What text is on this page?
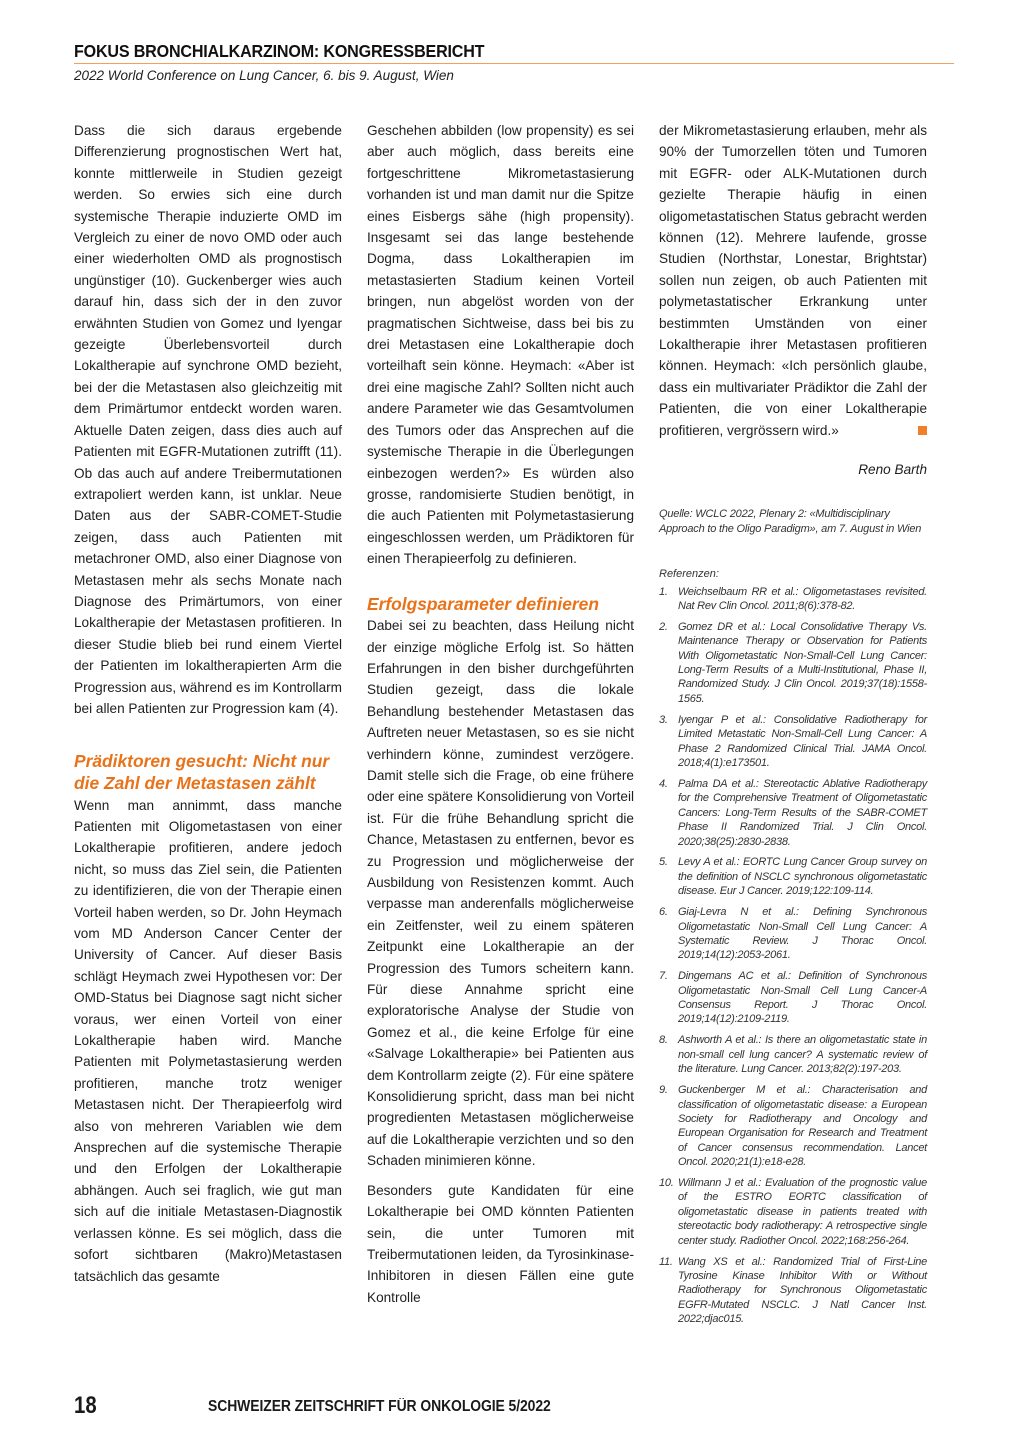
FOKUS BRONCHIALKARZINOM: KONGRESSBERICHT
2022 World Conference on Lung Cancer, 6. bis 9. August, Wien

Dass die sich daraus ergebende Differenzierung prognostischen Wert hat, konnte mittlerweile in Studien gezeigt werden. So erwies sich eine durch systemische Therapie induzierte OMD im Vergleich zu einer de novo OMD oder auch einer wiederholten OMD als prognostisch ungünstiger (10). Guckenberger wies auch darauf hin, dass sich der in den zuvor erwähnten Studien von Gomez und Iyengar gezeigte Überlebensvorteil durch Lokaltherapie auf synchrone OMD bezieht, bei der die Metastasen also gleichzeitig mit dem Primärtumor entdeckt worden waren. Aktuelle Daten zeigen, dass dies auch auf Patienten mit EGFR-Mutationen zutrifft (11). Ob das auch auf andere Treibermutationen extrapoliert werden kann, ist unklar. Neue Daten aus der SABR-COMET-Studie zeigen, dass auch Patienten mit metachroner OMD, also einer Diagnose von Metastasen mehr als sechs Monate nach Diagnose des Primärtumors, von einer Lokaltherapie der Metastasen profitieren. In dieser Studie blieb bei rund einem Viertel der Patienten im lokaltherapierten Arm die Progression aus, während es im Kontrollarm bei allen Patienten zur Progression kam (4).

Prädiktoren gesucht: Nicht nur die Zahl der Metastasen zählt

Wenn man annimmt, dass manche Patienten mit Oligometastasen von einer Lokaltherapie profitieren, andere jedoch nicht, so muss das Ziel sein, die Patienten zu identifizieren, die von der Therapie einen Vorteil haben werden, so Dr. John Heymach vom MD Anderson Cancer Center der University of Cancer. Auf dieser Basis schlägt Heymach zwei Hypothesen vor: Der OMD-Status bei Diagnose sagt nicht sicher voraus, wer einen Vorteil von einer Lokaltherapie haben wird. Manche Patienten mit Polymetastasierung werden profitieren, manche trotz weniger Metastasen nicht. Der Therapieerfolg wird also von mehreren Variablen wie dem Ansprechen auf die systemische Therapie und den Erfolgen der Lokaltherapie abhängen. Auch sei fraglich, wie gut man sich auf die initiale Metastasen-Diagnostik verlassen könne. Es sei möglich, dass die sofort sichtbaren (Makro)Metastasen tatsächlich das gesamte

Geschehen abbilden (low propensity) es sei aber auch möglich, dass bereits eine fortgeschrittene Mikrometastasierung vorhanden ist und man damit nur die Spitze eines Eisbergs sähe (high propensity). Insgesamt sei das lange bestehende Dogma, dass Lokaltherapien im metastasierten Stadium keinen Vorteil bringen, nun abgelöst worden von der pragmatischen Sichtweise, dass bei bis zu drei Metastasen eine Lokaltherapie doch vorteilhaft sein könne. Heymach: «Aber ist drei eine magische Zahl? Sollten nicht auch andere Parameter wie das Gesamtvolumen des Tumors oder das Ansprechen auf die systemische Therapie in die Überlegungen einbezogen werden?» Es würden also grosse, randomisierte Studien benötigt, in die auch Patienten mit Polymetastasierung eingeschlossen werden, um Prädiktoren für einen Therapieerfolg zu definieren.

Erfolgsparameter definieren

Dabei sei zu beachten, dass Heilung nicht der einzige mögliche Erfolg ist. So hätten Erfahrungen in den bisher durchgeführten Studien gezeigt, dass die lokale Behandlung bestehender Metastasen das Auftreten neuer Metastasen, so es sie nicht verhindern könne, zumindest verzögere. Damit stelle sich die Frage, ob eine frühere oder eine spätere Konsolidierung von Vorteil ist. Für die frühe Behandlung spricht die Chance, Metastasen zu entfernen, bevor es zu Progression und möglicherweise der Ausbildung von Resistenzen kommt. Auch verpasse man anderenfalls möglicherweise ein Zeitfenster, weil zu einem späteren Zeitpunkt eine Lokaltherapie an der Progression des Tumors scheitern kann. Für diese Annahme spricht eine exploratorische Analyse der Studie von Gomez et al., die keine Erfolge für eine «Salvage Lokaltherapie» bei Patienten aus dem Kontrollarm zeigte (2). Für eine spätere Konsolidierung spricht, dass man bei nicht progredienten Metastasen möglicherweise auf die Lokaltherapie verzichten und so den Schaden minimieren könne.

Besonders gute Kandidaten für eine Lokaltherapie bei OMD könnten Patienten sein, die unter Tumoren mit Treibermutationen leiden, da Tyrosinkinase-Inhibitoren in diesen Fällen eine gute Kontrolle

der Mikrometastasierung erlauben, mehr als 90% der Tumorzellen töten und Tumoren mit EGFR- oder ALK-Mutationen durch gezielte Therapie häufig in einen oligometastatischen Status gebracht werden können (12). Mehrere laufende, grosse Studien (Northstar, Lonestar, Brightstar) sollen nun zeigen, ob auch Patienten mit polymetastatischer Erkrankung unter bestimmten Umständen von einer Lokaltherapie ihrer Metastasen profitieren können. Heymach: «Ich persönlich glaube, dass ein multivariater Prädiktor die Zahl der Patienten, die von einer Lokaltherapie profitieren, vergrössern wird.»

Reno Barth
Quelle: WCLC 2022, Plenary 2: «Multidisciplinary Approach to the Oligo Paradigm», am 7. August in Wien
Referenzen:
1. Weichselbaum RR et al.: Oligometastases revisited. Nat Rev Clin Oncol. 2011;8(6):378-82.
2. Gomez DR et al.: Local Consolidative Therapy Vs. Maintenance Therapy or Observation for Patients With Oligometastatic Non-Small-Cell Lung Cancer: Long-Term Results of a Multi-Institutional, Phase II, Randomized Study. J Clin Oncol. 2019;37(18):1558-1565.
3. Iyengar P et al.: Consolidative Radiotherapy for Limited Metastatic Non-Small-Cell Lung Cancer: A Phase 2 Randomized Clinical Trial. JAMA Oncol. 2018;4(1):e173501.
4. Palma DA et al.: Stereotactic Ablative Radiotherapy for the Comprehensive Treatment of Oligometastatic Cancers: Long-Term Results of the SABR-COMET Phase II Randomized Trial. J Clin Oncol. 2020;38(25):2830-2838.
5. Levy A et al.: EORTC Lung Cancer Group survey on the definition of NSCLC synchronous oligometastatic disease. Eur J Cancer. 2019;122:109-114.
6. Giaj-Levra N et al.: Defining Synchronous Oligometastatic Non-Small Cell Lung Cancer: A Systematic Review. J Thorac Oncol. 2019;14(12):2053-2061.
7. Dingemans AC et al.: Definition of Synchronous Oligometastatic Non-Small Cell Lung Cancer-A Consensus Report. J Thorac Oncol. 2019;14(12):2109-2119.
8. Ashworth A et al.: Is there an oligometastatic state in non-small cell lung cancer? A systematic review of the literature. Lung Cancer. 2013;82(2):197-203.
9. Guckenberger M et al.: Characterisation and classification of oligometastatic disease: a European Society for Radiotherapy and Oncology and European Organisation for Research and Treatment of Cancer consensus recommendation. Lancet Oncol. 2020;21(1):e18-e28.
10. Willmann J et al.: Evaluation of the prognostic value of the ESTRO EORTC classification of oligometastatic disease in patients treated with stereotactic body radiotherapy: A retrospective single center study. Radiother Oncol. 2022;168:256-264.
11. Wang XS et al.: Randomized Trial of First-Line Tyrosine Kinase Inhibitor With or Without Radiotherapy for Synchronous Oligometastatic EGFR-Mutated NSCLC. J Natl Cancer Inst. 2022;djac015.
18	SCHWEIZER ZEITSCHRIFT FÜR ONKOLOGIE 5/2022
